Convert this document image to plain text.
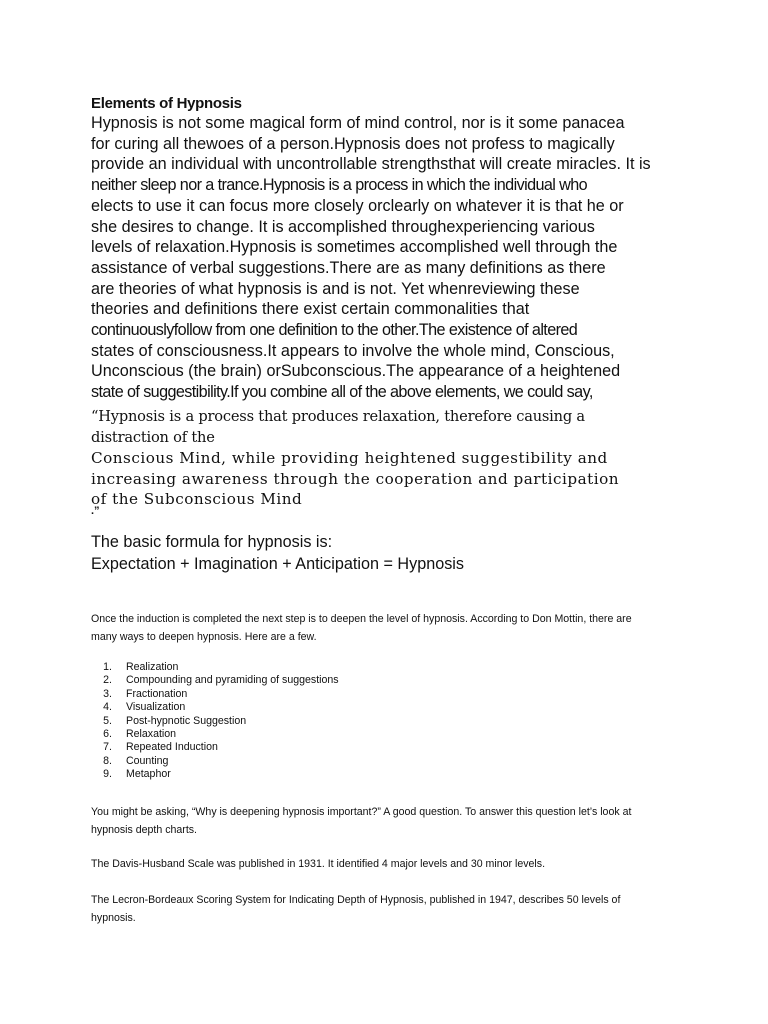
Elements of Hypnosis

Hypnosis is not some magical form of mind control, nor is it some panacea
for curing all thewoes of a person.Hypnosis does not profess to magically
provide an individual with uncontrollable strengthsthat will create miracles. It is
neither sleep nor a trance.Hypnosis is a process in which the individual who
elects to use it can focus more closely orclearly on whatever it is that he or
she desires to change. It is accomplished throughexperiencing various
levels of relaxation.Hypnosis is sometimes accomplished well through the
assistance of verbal suggestions.There are as many definitions as there
are theories of what hypnosis is and is not. Yet whenreviewing these
theories and definitions there exist certain commonalities that
continuouslyfollow from one definition to the other.The existence of altered
states of consciousness.It appears to involve the whole mind, Conscious,
Unconscious (the brain) orSubconscious.The appearance of a heightened
state of suggestibility.If you combine all of the above elements, we could say,

“Hypnosis is a process that produces relaxation, therefore causing a
distraction of the
Conscious Mind, while providing heightened suggestibility and
increasing awareness through the cooperation and participation
of the Subconscious Mind

.”

The basic formula for hypnosis is:
Expectation + Imagination + Anticipation = Hypnosis

Once the induction is completed the next step is to deepen the level of hypnosis. According to Don Mottin, there are
many ways to deepen hypnosis. Here are a few.

1.	Realization
2.	Compounding and pyramiding of suggestions
3.	Fractionation
4.	Visualization
5.	Post-hypnotic Suggestion
6.	Relaxation
7.	Repeated Induction
8.	Counting
9.	Metaphor

You might be asking, “Why is deepening hypnosis important?” A good question. To answer this question let’s look at
hypnosis depth charts.

The Davis-Husband Scale was published in 1931. It identified 4 major levels and 30 minor levels.

The Lecron-Bordeaux Scoring System for Indicating Depth of Hypnosis, published in 1947, describes 50 levels of
hypnosis.
